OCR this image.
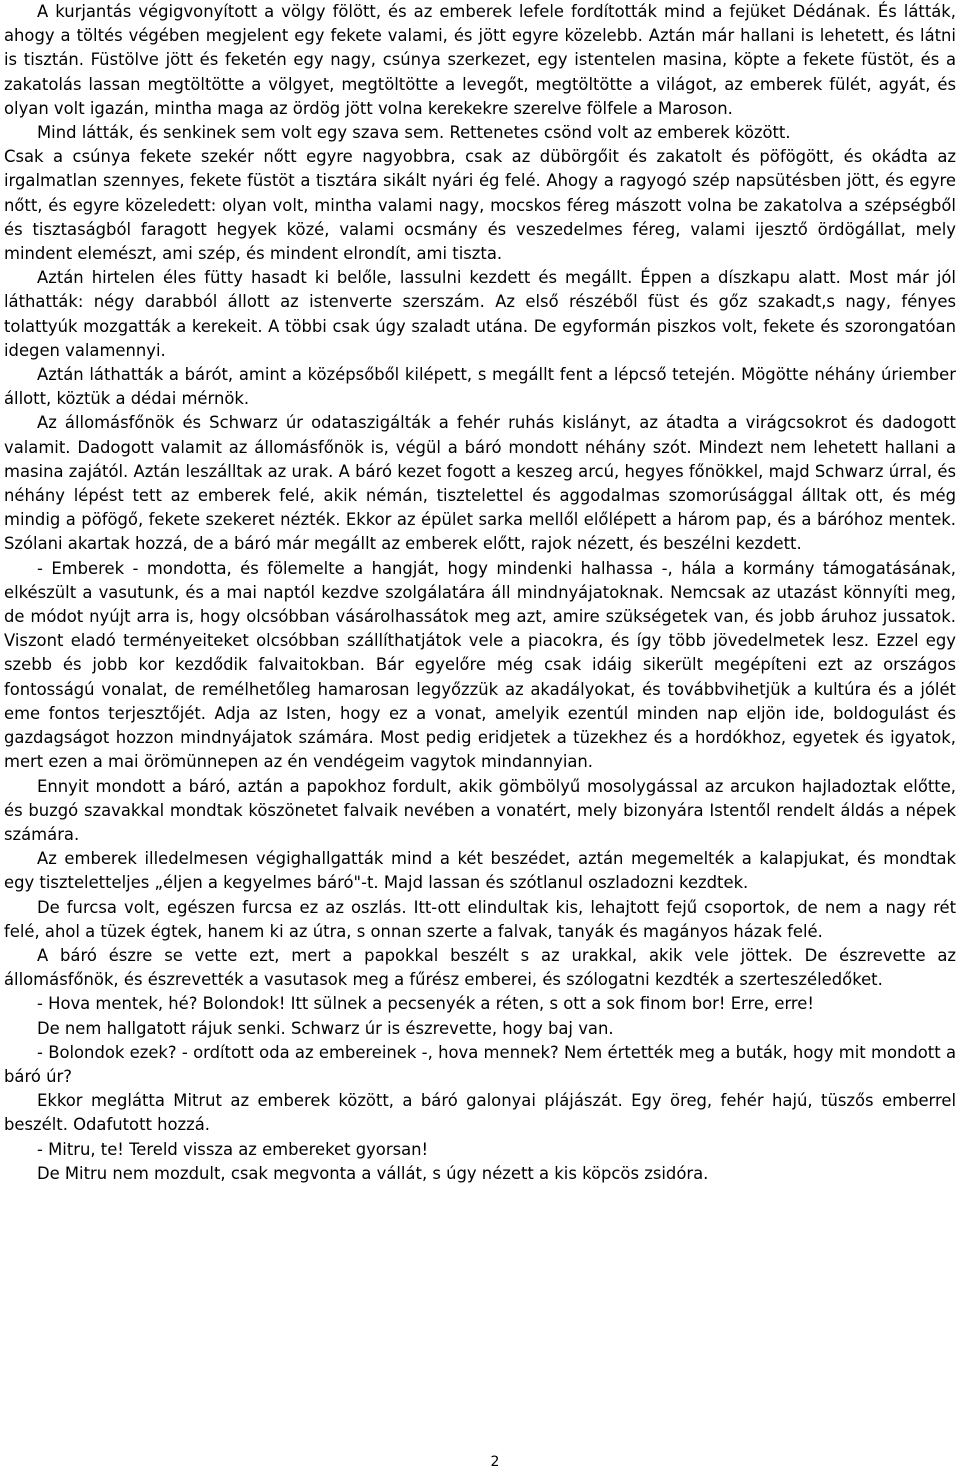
A kurjantás végigvonyított a völgy fölött, és az emberek lefele fordították mind a fejüket Dédának. És látták, ahogy a töltés végében megjelent egy fekete valami, és jött egyre közelebb. Aztán már hallani is lehetett, és látni is tisztán. Füstölve jött és feketén egy nagy, csúnya szerkezet, egy istentelen masina, köpte a fekete füstöt, és a zakatolás lassan megtöltötte a völgyet, megtöltötte a levegőt, megtöltötte a világot, az emberek fülét, agyát, és olyan volt igazán, mintha maga az ördög jött volna kerekekre szerelve fölfele a Maroson.

Mind látták, és senkinek sem volt egy szava sem. Rettenetes csönd volt az emberek között.

Csak a csúnya fekete szekér nőtt egyre nagyobbra, csak az dübörgőit és zakatolt és pöfögött, és okádta az irgalmatlan szennyes, fekete füstöt a tisztára sikált nyári ég felé. Ahogy a ragyogó szép napsütésben jött, és egyre nőtt, és egyre közeledett: olyan volt, mintha valami nagy, mocskos féreg mászott volna be zakatolva a szépségből és tisztaságból faragott hegyek közé, valami ocsmány és veszedelmes féreg, valami ijesztő ördögállat, mely mindent elemészt, ami szép, és mindent elrondít, ami tiszta.

Aztán hirtelen éles fütty hasadt ki belőle, lassulni kezdett és megállt. Éppen a díszkapu alatt. Most már jól láthatták: négy darabból állott az istenverte szerszám. Az első részéből füst és gőz szakadt,s nagy, fényes tolattyúk mozgatták a kerekeit. A többi csak úgy szaladt utána. De egyformán piszkos volt, fekete és szorongatóan idegen valamennyi.

Aztán láthatták a bárót, amint a középsőből kilépett, s megállt fent a lépcső tetején. Mögötte néhány úriember állott, köztük a dédai mérnök.

Az állomásfőnök és Schwarz úr odataszigálták a fehér ruhás kislányt, az átadta a virágcsokrot és dadogott valamit. Dadogott valamit az állomásfőnök is, végül a báró mondott néhány szót. Mindezt nem lehetett hallani a masina zajától. Aztán leszálltak az urak. A báró kezet fogott a keszeg arcú, hegyes főnökkel, majd Schwarz úrral, és néhány lépést tett az emberek felé, akik némán, tisztelettel és aggodalmas szomorúsággal álltak ott, és még mindig a pöfögő, fekete szekeret nézték. Ekkor az épület sarka mellől előlépett a három pap, és a báróhoz mentek. Szólani akartak hozzá, de a báró már megállt az emberek előtt, rajok nézett, és beszélni kezdett.

- Emberek - mondotta, és fölemelte a hangját, hogy mindenki halhassa -, hála a kormány támogatásának, elkészült a vasutunk, és a mai naptól kezdve szolgálatára áll mindnyájatoknak. Nemcsak az utazást könnyíti meg, de módot nyújt arra is, hogy olcsóbban vásárolhassátok meg azt, amire szükségetek van, és jobb áruhoz jussatok. Viszont eladó terményeiteket olcsóbban szállíthatjátok vele a piacokra, és így több jövedelmetek lesz. Ezzel egy szebb és jobb kor kezdődik falvaitokban. Bár egyelőre még csak idáig sikerült megépíteni ezt az országos fontosságú vonalat, de remélhetőleg hamarosan legyőzzük az akadályokat, és továbbvihetjük a kultúra és a jólét eme fontos terjesztőjét. Adja az Isten, hogy ez a vonat, amelyik ezentúl minden nap eljön ide, boldogulást és gazdagságot hozzon mindnyájatok számára. Most pedig eridjetek a tüzekhez és a hordókhoz, egyetek és igyatok, mert ezen a mai örömünnepen az én vendégeim vagytok mindannyian.

Ennyit mondott a báró, aztán a papokhoz fordult, akik gömbölyű mosolygással az arcukon hajladoztak előtte, és buzgó szavakkal mondtak köszönetet falvaik nevében a vonatért, mely bizonyára Istentől rendelt áldás a népek számára.

Az emberek illedelmesen végighallgatták mind a két beszédet, aztán megemelték a kalapjukat, és mondtak egy tiszteletteljes „éljen a kegyelmes báró"-t. Majd lassan és szótlanul oszladozni kezdtek.

De furcsa volt, egészen furcsa ez az oszlás. Itt-ott elindultak kis, lehajtott fejű csoportok, de nem a nagy rét felé, ahol a tüzek égtek, hanem ki az útra, s onnan szerte a falvak, tanyák és magányos házak felé.

A báró észre se vette ezt, mert a papokkal beszélt s az urakkal, akik vele jöttek. De észrevette az állomásfőnök, és észrevették a vasutasok meg a fűrész emberei, és szólogatni kezdték a szerteszéledőket.

- Hova mentek, hé? Bolondok! Itt sülnek a pecsenyék a réten, s ott a sok finom bor! Erre, erre!

De nem hallgatott rájuk senki. Schwarz úr is észrevette, hogy baj van.

- Bolondok ezek? - ordított oda az embereinek -, hova mennek? Nem értették meg a buták, hogy mit mondott a báró úr?

Ekkor meglátta Mitrut az emberek között, a báró galonyai plájászát. Egy öreg, fehér hajú, tüszős emberrel beszélt. Odafutott hozzá.

- Mitru, te! Tereld vissza az embereket gyorsan!

De Mitru nem mozdult, csak megvonta a vállát, s úgy nézett a kis köpcös zsidóra.

2
